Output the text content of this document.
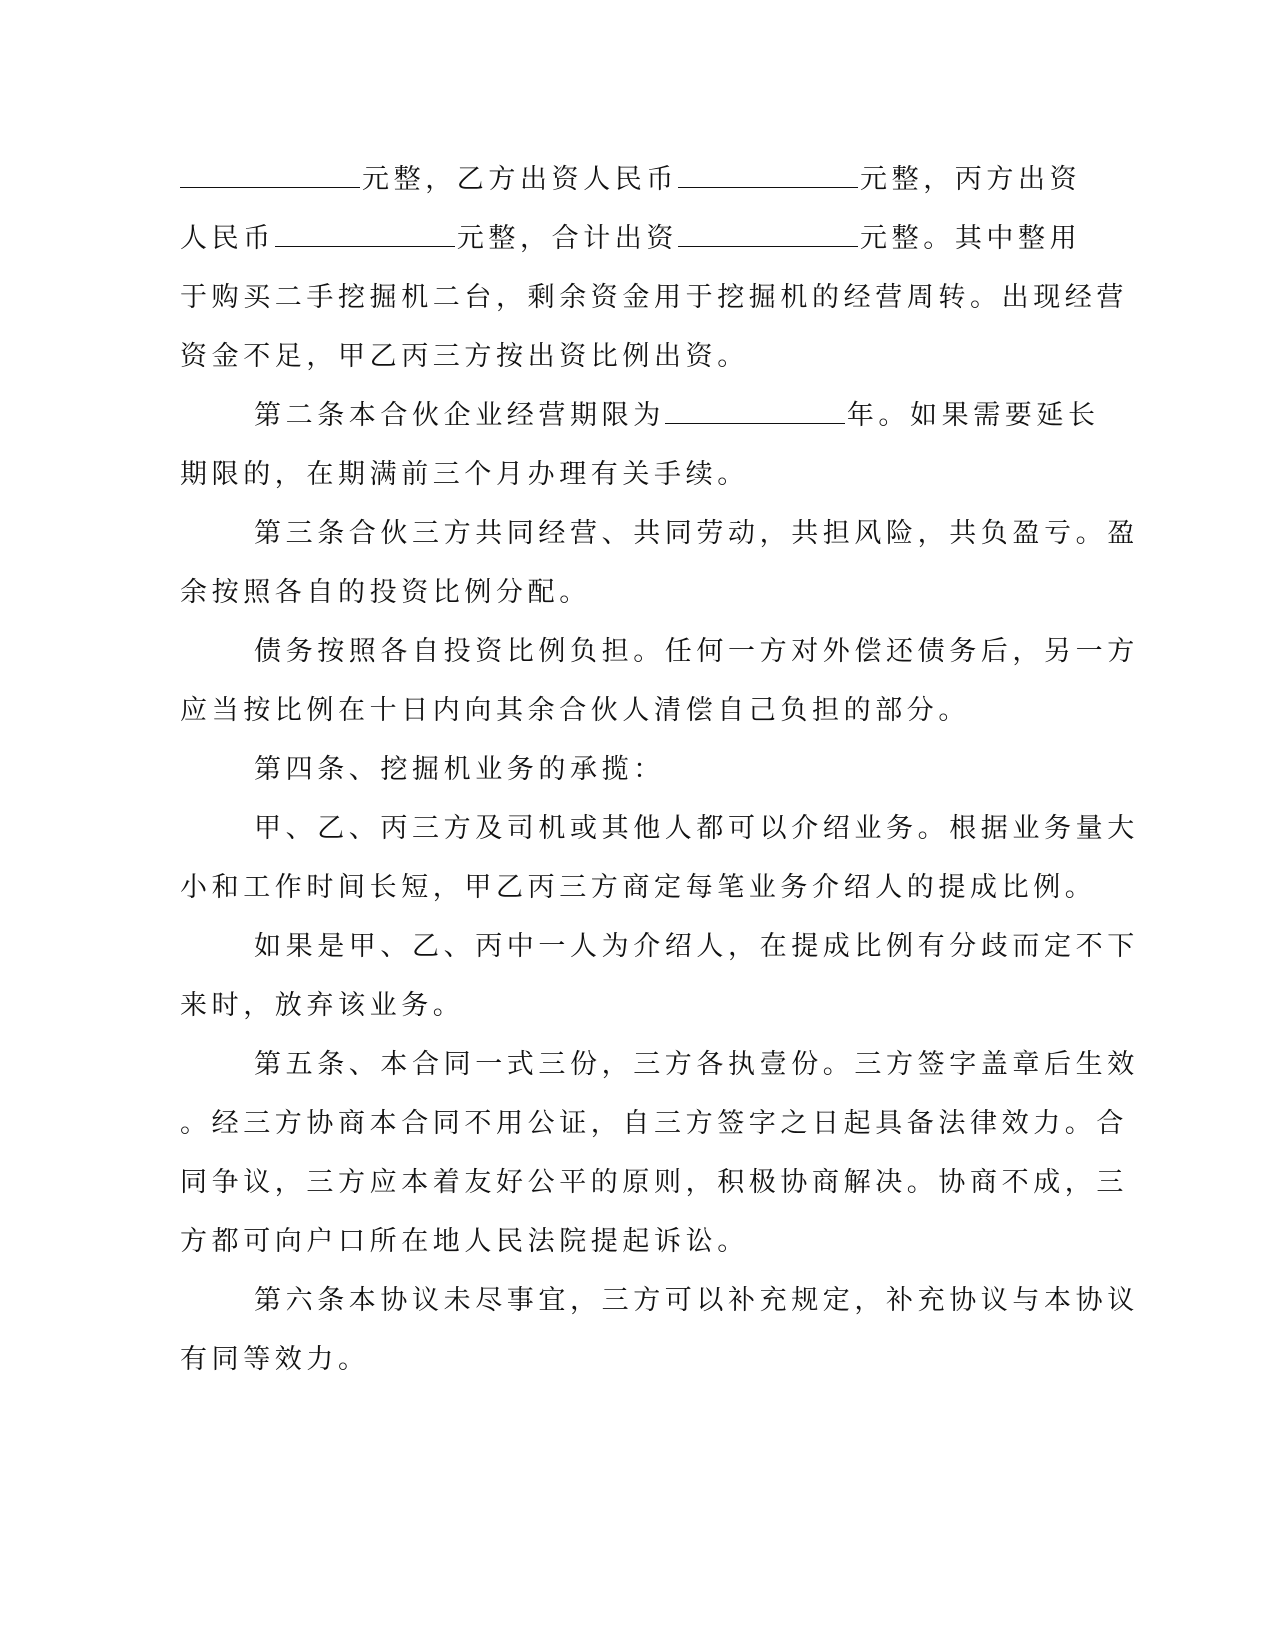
元整，乙方出资人民币	元整，丙方出资
人民币	元整，合计出资	元整。其中整用
于购买二手挖掘机二台，剩余资金用于挖掘机的经营周转。出现经营
资金不足，甲乙丙三方按出资比例出资。
第二条本合伙企业经营期限为	年。如果需要延长
期限的，在期满前三个月办理有关手续。
第三条合伙三方共同经营、共同劳动，共担风险，共负盈亏。盈
余按照各自的投资比例分配。
债务按照各自投资比例负担。任何一方对外偿还债务后，另一方
应当按比例在十日内向其余合伙人清偿自己负担的部分。
第四条、挖掘机业务的承揽：
甲、乙、丙三方及司机或其他人都可以介绍业务。根据业务量大
小和工作时间长短，甲乙丙三方商定每笔业务介绍人的提成比例。
如果是甲、乙、丙中一人为介绍人，在提成比例有分歧而定不下
来时，放弃该业务。
第五条、本合同一式三份，三方各执壹份。三方签字盖章后生效
。经三方协商本合同不用公证，自三方签字之日起具备法律效力。合
同争议，三方应本着友好公平的原则，积极协商解决。协商不成，三
方都可向户口所在地人民法院提起诉讼。
第六条本协议未尽事宜，三方可以补充规定，补充协议与本协议
有同等效力。
